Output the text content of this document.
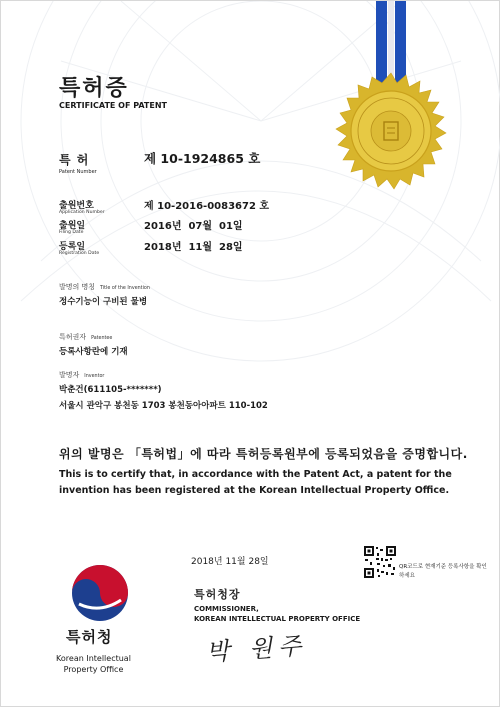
특허증
CERTIFICATE OF PATENT
특 허
Patent Number
제 10-1924865 호
출원번호
Application Number
제 10-2016-0083672 호
출원일
Filing Date
2016년  07월  01일
등록일
Registration Date
2018년  11월  28일
발명의 명칭 Title of the Invention
정수기능이 구비된 물병
특허권자 Patentee
등록사항란에 기재
발명자 Inventor
박춘건(611105-*******)
서울시 관악구 봉천동 1703 봉천동아아파트 110-102
위의 발명은 「특허법」에 따라 특허등록원부에 등록되었음을 증명합니다.
This is to certify that, in accordance with the Patent Act, a patent for the invention has been registered at the Korean Intellectual Property Office.
2018년 11월 28일	QR코드로 현재기준 등록사항을 확인하세요
특허청장
COMMISSIONER,
KOREAN INTELLECTUAL PROPERTY OFFICE
박 원주
특허청
Korean Intellectual Property Office
